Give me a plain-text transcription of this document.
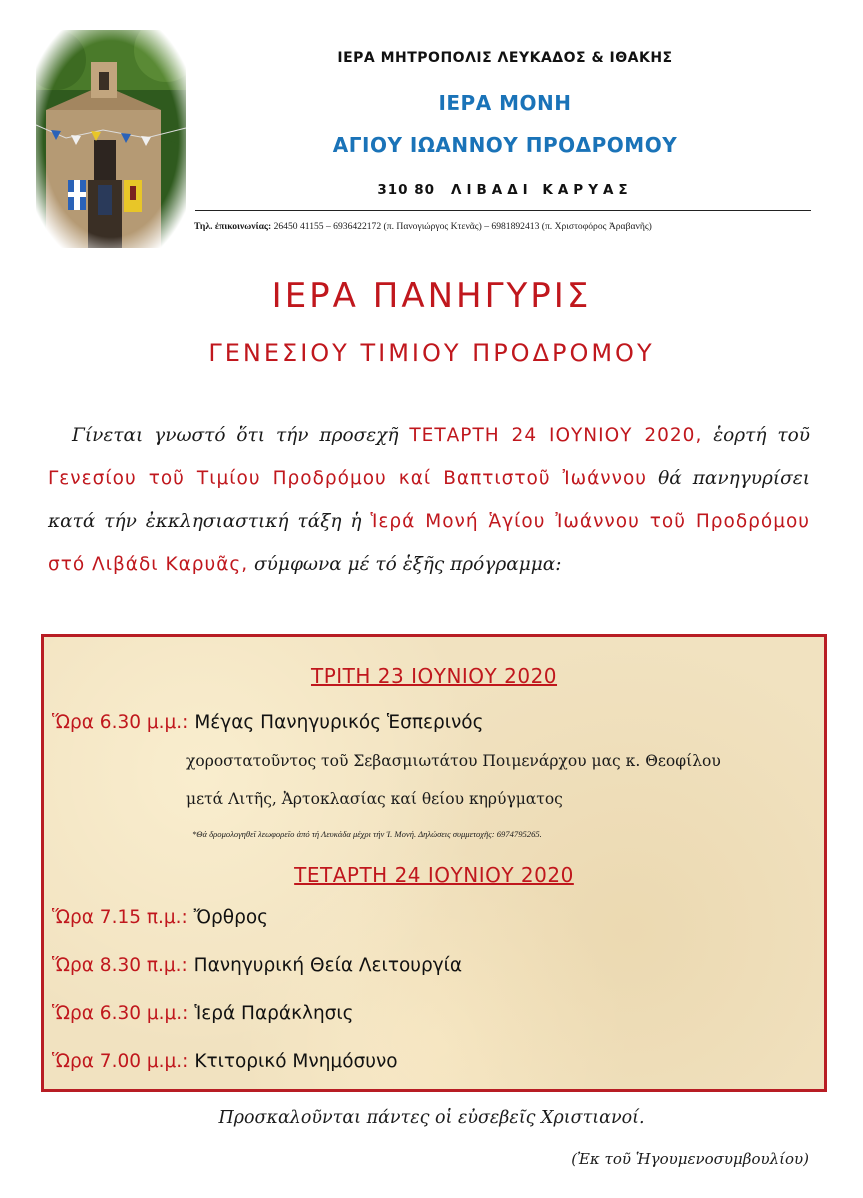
ΙΕΡΑ ΜΗΤΡΟΠΟΛΙΣ ΛΕΥΚΑΔΟΣ & ΙΘΑΚΗΣ
ΙΕΡΑ ΜΟΝΗ
ΑΓΙΟΥ ΙΩΑΝΝΟΥ ΠΡΟΔΡΟΜΟΥ
310 80 ΛΙΒΑΔΙ ΚΑΡΥΑΣ
Τηλ. ἐπικοινωνίας: 26450 41155 – 6936422172 (π. Πανογιώργος Κτενᾶς) – 6981892413 (π. Χριστοφόρος Ἀραβανῆς)
ΙΕΡΑ ΠΑΝΗΓΥΡΙΣ
ΓΕΝΕΣΙΟΥ ΤΙΜΙΟΥ ΠΡΟΔΡΟΜΟΥ
Γίνεται γνωστό ὅτι τήν προσεχῆ ΤΕΤΑΡΤΗ 24 ΙΟΥΝΙΟΥ 2020, ἑορτή τοῦ Γενεσίου τοῦ Τιμίου Προδρόμου καί Βαπτιστοῦ Ἰωάννου θά πανηγυρίσει κατά τήν ἐκκλησιαστική τάξη ἡ Ἱερά Μονή Ἁγίου Ἰωάννου τοῦ Προδρόμου στό Λιβάδι Καρυᾶς, σύμφωνα μέ τό ἑξῆς πρόγραμμα:
ΤΡΙΤΗ 23 ΙΟΥΝΙΟΥ 2020
Ὥρα 6.30 μ.μ.: Μέγας Πανηγυρικός Ἑσπερινός
χοροστατοῦντος τοῦ Σεβασμιωτάτου Ποιμενάρχου μας κ. Θεοφίλου
μετά Λιτῆς, Ἀρτοκλασίας καί θείου κηρύγματος
*Θά δρομολογηθεῖ λεωφορεῖο ἀπό τή Λευκάδα μέχρι τήν Ἱ. Μονή. Δηλώσεις συμμετοχῆς: 6974795265.
ΤΕΤΑΡΤΗ 24 ΙΟΥΝΙΟΥ 2020
Ὥρα 7.15 π.μ.: Ὄρθρος
Ὥρα 8.30 π.μ.: Πανηγυρική Θεία Λειτουργία
Ὥρα 6.30 μ.μ.: Ἱερά Παράκλησις
Ὥρα 7.00 μ.μ.: Κτιτορικό Μνημόσυνο
Προσκαλοῦνται πάντες οἱ εὐσεβεῖς Χριστιανοί.
(Ἐκ τοῦ Ἡγουμενοσυμβουλίου)
